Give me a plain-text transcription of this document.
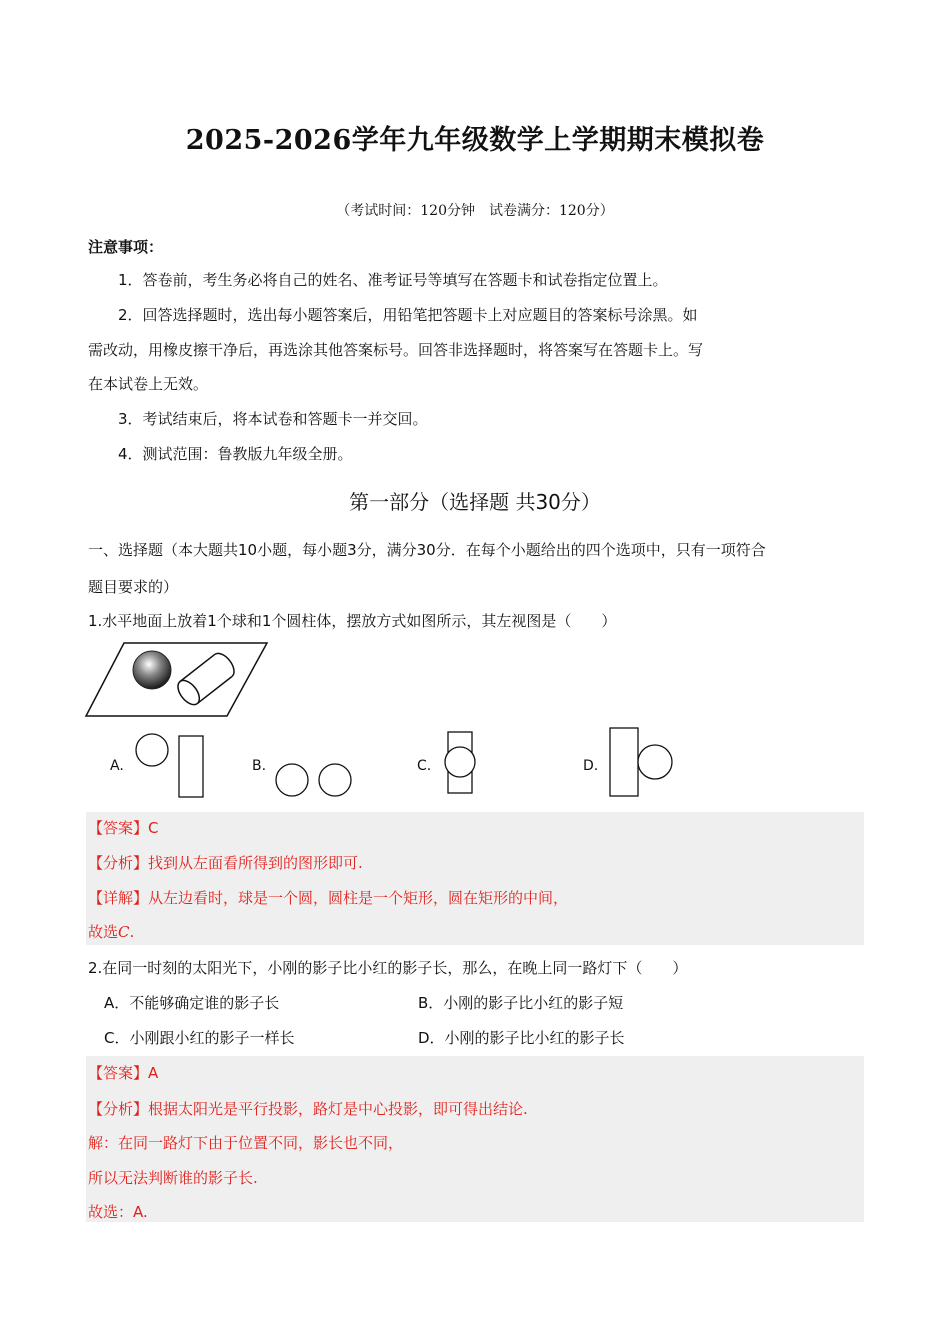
2025-2026学年九年级数学上学期期末模拟卷
（考试时间：120分钟　试卷满分：120分）
注意事项：
1．答卷前，考生务必将自己的姓名、准考证号等填写在答题卡和试卷指定位置上。
2．回答选择题时，选出每小题答案后，用铅笔把答题卡上对应题目的答案标号涂黑。如
需改动，用橡皮擦干净后，再选涂其他答案标号。回答非选择题时，将答案写在答题卡上。写
在本试卷上无效。
3．考试结束后，将本试卷和答题卡一并交回。
4．测试范围：鲁教版九年级全册。
第一部分（选择题 共30分）
一、选择题（本大题共10小题，每小题3分，满分30分．在每个小题给出的四个选项中，只有一项符合
题目要求的）
1.水平地面上放着1个球和1个圆柱体，摆放方式如图所示，其左视图是（　　）
A.	B.	C.	D.
【答案】C
【分析】找到从左面看所得到的图形即可.
【详解】从左边看时，球是一个圆，圆柱是一个矩形，圆在矩形的中间，
故选C.
2.在同一时刻的太阳光下，小刚的影子比小红的影子长，那么，在晚上同一路灯下（　　）
A．不能够确定谁的影子长	B．小刚的影子比小红的影子短
C．小刚跟小红的影子一样长	D．小刚的影子比小红的影子长
【答案】A
【分析】根据太阳光是平行投影，路灯是中心投影，即可得出结论.
解：在同一路灯下由于位置不同，影长也不同，
所以无法判断谁的影子长.
故选：A.
